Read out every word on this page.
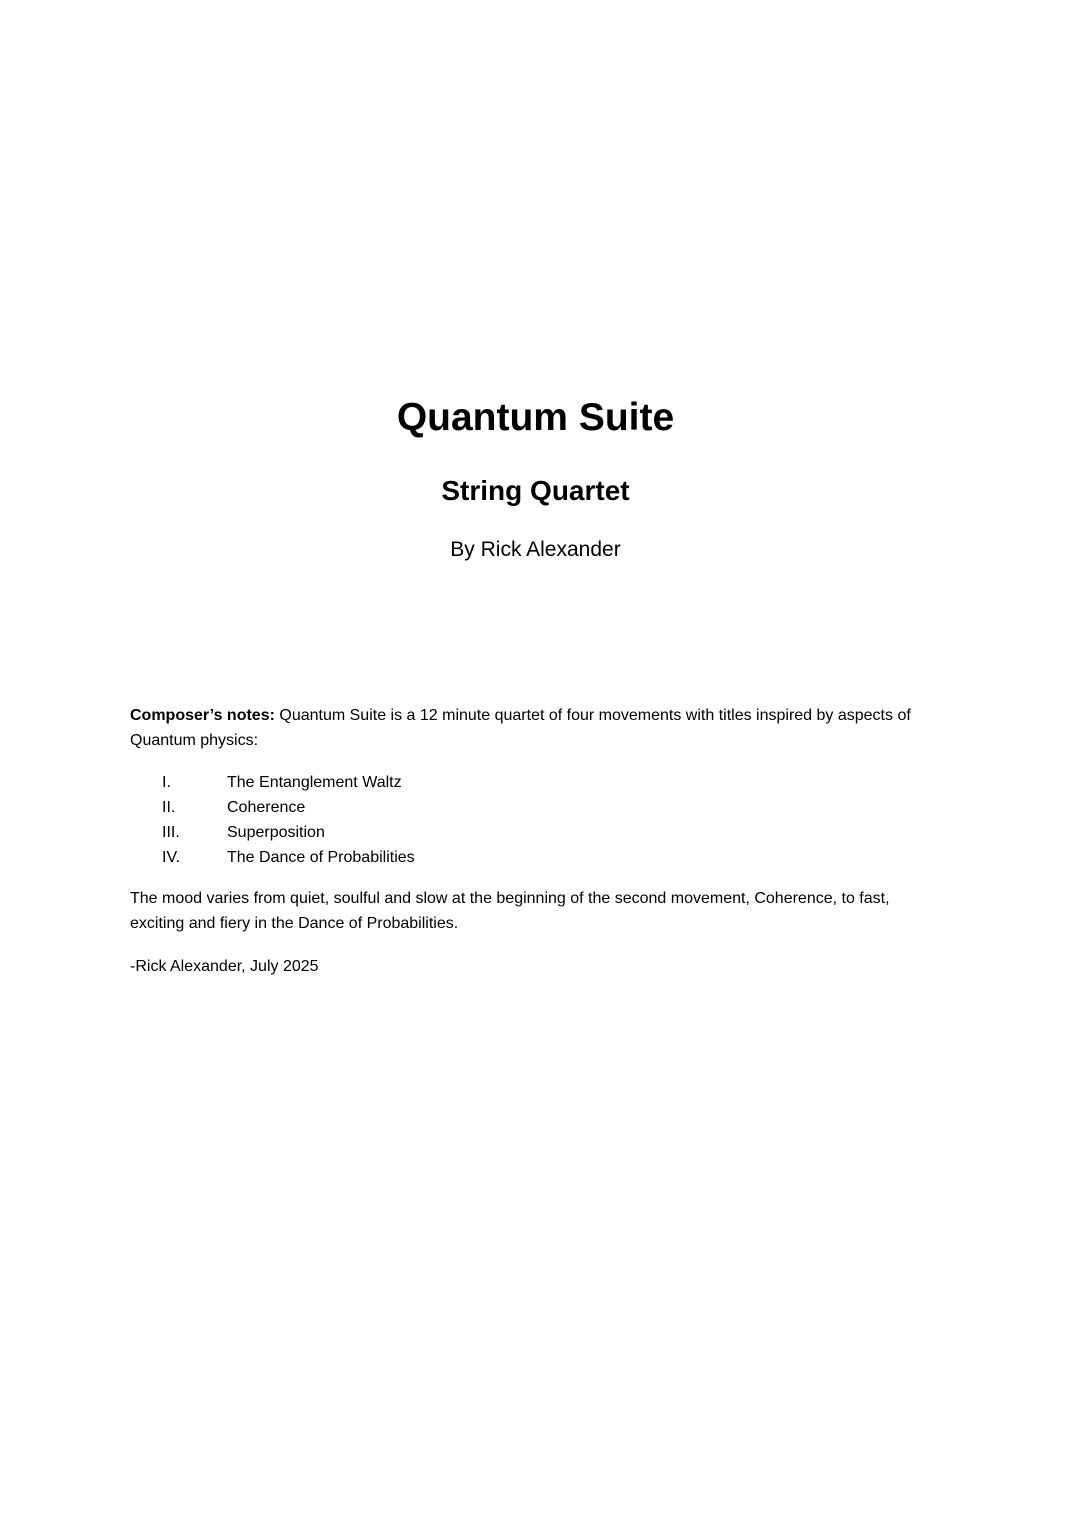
Quantum Suite
String Quartet
By Rick Alexander

Composer’s notes: Quantum Suite is a 12 minute quartet of four movements with titles inspired by aspects of Quantum physics:

I.	The Entanglement Waltz
II.	Coherence
III.	Superposition
IV.	The Dance of Probabilities

The mood varies from quiet, soulful and slow at the beginning of the second movement, Coherence, to fast, exciting and fiery in the Dance of Probabilities.

-Rick Alexander, July 2025
